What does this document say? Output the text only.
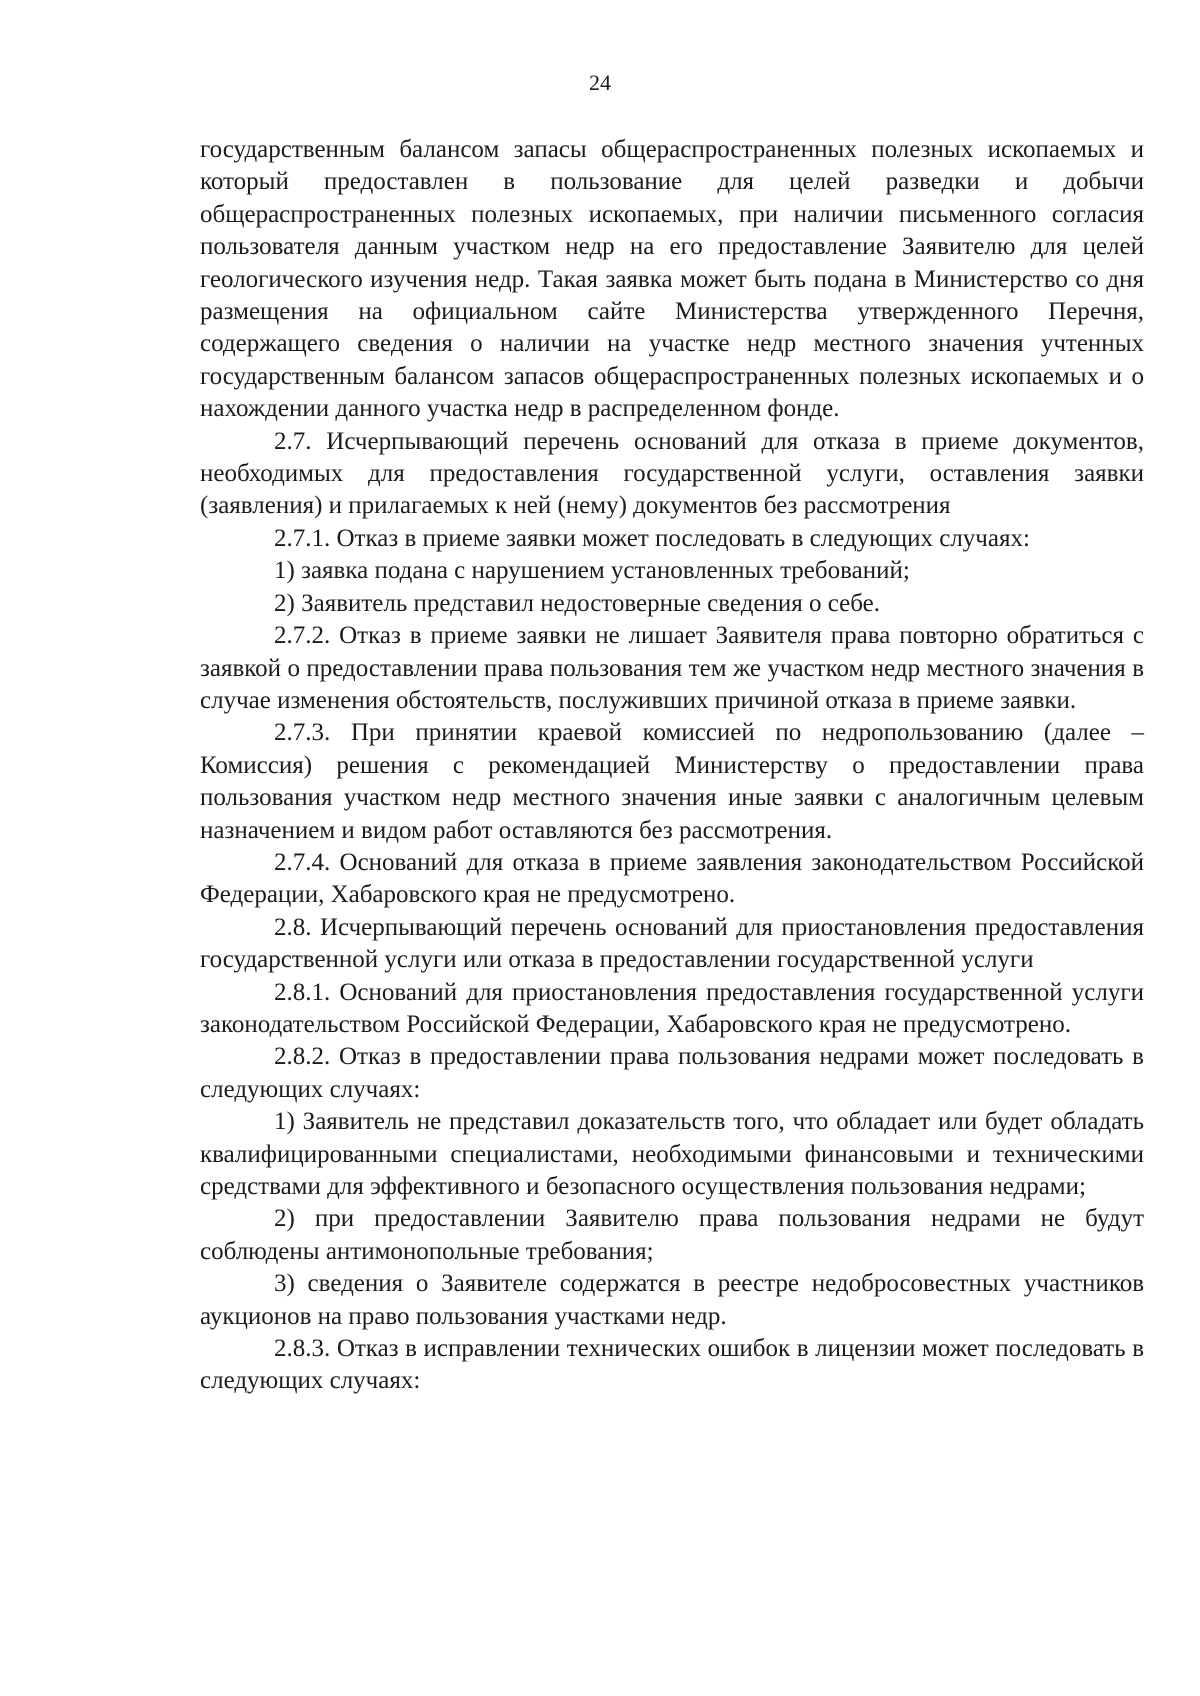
24

государственным балансом запасы общераспространенных полезных ископаемых и который предоставлен в пользование для целей разведки и добычи общераспространенных полезных ископаемых, при наличии письменного согласия пользователя данным участком недр на его предоставление Заявителю для целей геологического изучения недр. Такая заявка может быть подана в Министерство со дня размещения на официальном сайте Министерства утвержденного Перечня, содержащего сведения о наличии на участке недр местного значения учтенных государственным балансом запасов общераспространенных полезных ископаемых и о нахождении данного участка недр в распределенном фонде.

2.7. Исчерпывающий перечень оснований для отказа в приеме документов, необходимых для предоставления государственной услуги, оставления заявки (заявления) и прилагаемых к ней (нему) документов без рассмотрения

2.7.1. Отказ в приеме заявки может последовать в следующих случаях:

1) заявка подана с нарушением установленных требований;

2) Заявитель представил недостоверные сведения о себе.

2.7.2. Отказ в приеме заявки не лишает Заявителя права повторно обратиться с заявкой о предоставлении права пользования тем же участком недр местного значения в случае изменения обстоятельств, послуживших причиной отказа в приеме заявки.

2.7.3. При принятии краевой комиссией по недропользованию (далее – Комиссия) решения с рекомендацией Министерству о предоставлении права пользования участком недр местного значения иные заявки с аналогичным целевым назначением и видом работ оставляются без рассмотрения.

2.7.4. Оснований для отказа в приеме заявления законодательством Российской Федерации, Хабаровского края не предусмотрено.

2.8. Исчерпывающий перечень оснований для приостановления предоставления государственной услуги или отказа в предоставлении государственной услуги

2.8.1. Оснований для приостановления предоставления государственной услуги законодательством Российской Федерации, Хабаровского края не предусмотрено.

2.8.2. Отказ в предоставлении права пользования недрами может последовать в следующих случаях:

1) Заявитель не представил доказательств того, что обладает или будет обладать квалифицированными специалистами, необходимыми финансовыми и техническими средствами для эффективного и безопасного осуществления пользования недрами;

2) при предоставлении Заявителю права пользования недрами не будут соблюдены антимонопольные требования;

3) сведения о Заявителе содержатся в реестре недобросовестных участников аукционов на право пользования участками недр.

2.8.3. Отказ в исправлении технических ошибок в лицензии может последовать в следующих случаях:
